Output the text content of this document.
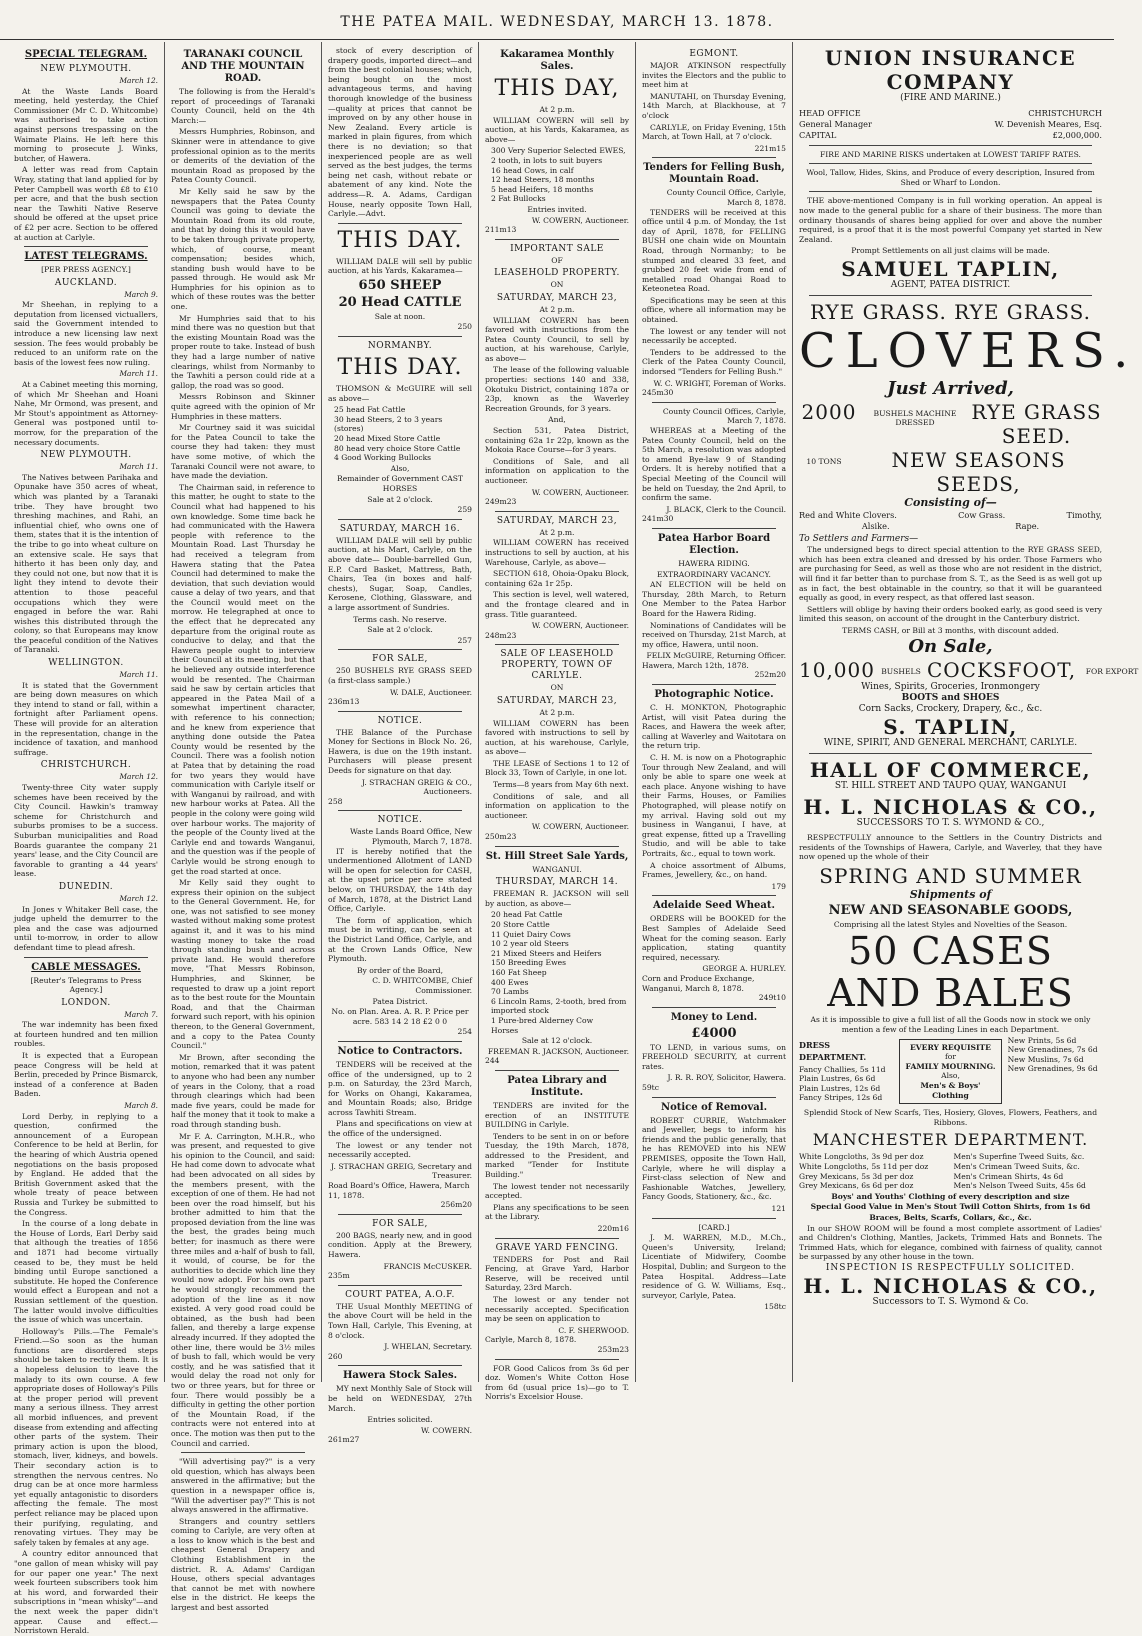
THE PATEA MAIL. WEDNESDAY, MARCH 13. 1878.
SPECIAL TELEGRAM.
NEW PLYMOUTH.
March 12.

At the Waste Lands Board meeting, held yesterday, the Chief Commissioner (Mr C. D. Whitcombe) was authorised to take action against persons trespassing on the Waimate Plains. He left here this morning to prosecute J. Winks, butcher, of Hawera.

A letter was read from Captain Wray, stating that land applied for by Peter Campbell was worth £8 to £10 per acre, and that the bush section near the Tawhiti Native Reserve should be offered at the upset price of £2 per acre. Section to be offered at auction at Carlyle.

LATEST TELEGRAMS.
[PER PRESS AGENCY.]
AUCKLAND.
March 9.

Mr Sheehan, in replying to a deputation from licensed victuallers, said the Government intended to introduce a new licensing law next session. The fees would probably be reduced to an uniform rate on the basis of the lowest fees now ruling.

March 11.

At a Cabinet meeting this morning, of which Mr Sheehan and Hoani Nahe, Mr Ormond, was present, and Mr Stout's appointment as Attorney-General was postponed until to-morrow, for the preparation of the necessary documents.

NEW PLYMOUTH.
March 11.

The Natives between Parihaka and Opunake have 350 acres of wheat, which was planted by a Taranaki tribe. They have brought two threshing machines, and Rahi, an influential chief, who owns one of them, states that it is the intention of the tribe to go into wheat culture on an extensive scale. He says that hitherto it has been only day, and they could not one, but now that it is light they intend to devote their attention to those peaceful occupations which they were engaged in before the war. Rahi wishes this distributed through the colony, so that Europeans may know the peaceful condition of the Natives of Taranaki.

WELLINGTON.
March 11.

It is stated that the Government are being down measures on which they intend to stand or fall, within a fortnight after Parliament opens. These will provide for an alteration in the representation, change in the incidence of taxation, and manhood suffrage.

CHRISTCHURCH.
March 12.

Twenty-three City water supply schemes have been received by the City Council. Hawkin's tramway scheme for Christchurch and suburbs promises to be a success. Suburban municipalities and Road Boards guarantee the company 21 years' lease, and the City Council are favorable to granting a 44 years' lease.

DUNEDIN.
March 12.

In Jones v Whitaker Bell case, the judge upheld the demurrer to the plea and the case was adjourned until to-morrow, in order to allow defendant time to plead afresh.

CABLE MESSAGES.
[Reuter's Telegrams to Press Agency.]
LONDON.
March 7.

The war indemnity has been fixed at fourteen hundred and ten million roubles.

It is expected that a European peace Congress will be held at Berlin, preceded by Prince Bismarck, instead of a conference at Baden Baden.

March 8.

Lord Derby, in replying to a question, confirmed the announcement of a European Conference to be held at Berlin, for the hearing of which Austria opened negotiations on the basis proposed by England. He added that the British Government asked that the whole treaty of peace between Russia and Turkey be submitted to the Congress.

In the course of a long debate in the House of Lords, Earl Derby said that although the treaties of 1856 and 1871 had become virtually ceased to be, they must be held binding until Europe sanctioned a substitute. He hoped the Conference would effect a European and not a Russian settlement of the question. The latter would involve difficulties the issue of which was uncertain.

Holloway's Pills.—The Female's Friend.—So soon as the human functions are disordered steps should be taken to rectify them. It is a hopeless delusion to leave the malady to its own course. A few appropriate doses of Holloway's Pills at the proper period will prevent many a serious illness. They arrest all morbid influences, and prevent disease from extending and affecting other parts of the system. Their primary action is upon the blood, stomach, liver, kidneys, and bowels. Their secondary action is to strengthen the nervous centres. No drug can be at once more harmless yet equally antagonistic to disorders affecting the female. The most perfect reliance may be placed upon their purifying, regulating, and renovating virtues. They may be safely taken by females at any age.

A country editor announced that "one gallon of mean whisky will pay for our paper one year." The next week fourteen subscribers took him at his word, and forwarded their subscriptions in "mean whisky"—and the next week the paper didn't appear. Cause and effect.—Norristown Herald.

TARANAKI COUNCIL AND THE MOUNTAIN ROAD.

The following is from the Herald's report of proceedings of Taranaki County Council, held on the 4th March:—

Messrs Humphries, Robinson, and Skinner were in attendance to give professional opinion as to the merits or demerits of the deviation of the mountain Road as proposed by the Patea County Council.

Mr Kelly said he saw by the newspapers that the Patea County Council was going to deviate the Mountain Road from its old route, and that by doing this it would have to be taken through private property, which, of course, meant compensation; besides which, standing bush would have to be passed through. He would ask Mr Humphries for his opinion as to which of these routes was the better one.

Mr Humphries said that to his mind there was no question but that the existing Mountain Road was the proper route to take. Instead of bush they had a large number of native clearings, whilst from Normanby to the Tawhiti a person could ride at a gallop, the road was so good.

Messrs Robinson and Skinner quite agreed with the opinion of Mr Humphries in these matters.

Mr Courtney said it was suicidal for the Patea Council to take the course they had taken: they must have some motive, of which the Taranaki Council were not aware, to have made the deviation.

The Chairman said, in reference to this matter, he ought to state to the Council what had happened to his own knowledge. Some time back he had communicated with the Hawera people with reference to the Mountain Road. Last Thursday he had received a telegram from Hawera stating that the Patea Council had determined to make the deviation, that such deviation would cause a delay of two years, and that the Council would meet on the morrow. He telegraphed at once to the effect that he deprecated any departure from the original route as conducive to delay, and that the Hawera people ought to interview their Council at its meeting, but that he believed any outside interference would be resented. The Chairman said he saw by certain articles that appeared in the Patea Mail of a somewhat impertinent character, with reference to his connection; and he knew from experience that anything done outside the Patea County would be resented by the Council. There was a foolish notion at Patea that by detaining the road for two years they would have communication with Carlyle itself or with Wanganui by railroad, and with new harbour works at Patea. All the people in the colony were going wild over harbour works. The majority of the people of the County lived at the Carlyle end and towards Wanganui, and the question was if the people of Carlyle would be strong enough to get the road started at once.

Mr Kelly said they ought to express their opinion on the subject to the General Government. He, for one, was not satisfied to see money wasted without making some protest against it, and it was to his mind wasting money to take the road through standing bush and across private land. He would therefore move, "That Messrs Robinson, Humphries, and Skinner, be requested to draw up a joint report as to the best route for the Mountain Road, and that the Chairman forward such report, with his opinion thereon, to the General Government, and a copy to the Patea County Council."

Mr Brown, after seconding the motion, remarked that it was patent to anyone who had been any number of years in the Colony, that a road through clearings which had been made five years, could be made for half the money that it took to make a road through standing bush.

Mr F. A. Carrington, M.H.R., who was present, and requested to give his opinion to the Council, and said: He had come down to advocate what had been advocated on all sides by the members present, with the exception of one of them. He had not been over the road himself, but his brother admitted to him that the proposed deviation from the line was the best, the grades being much better; for inasmuch as there were three miles and a-half of bush to fall, it would, of course, be for the authorities to decide which line they would now adopt. For his own part he would strongly recommend the adoption of the line as it now existed. A very good road could be obtained, as the bush had been fallen, and thereby a large expense already incurred. If they adopted the other line, there would be 3½ miles of bush to fall, which would be very costly, and he was satisfied that it would delay the road not only for two or three years, but for three or four. There would possibly be a difficulty in getting the other portion of the Mountain Road, if the contracts were not entered into at once. The motion was then put to the Council and carried.

"Will advertising pay?" is a very old question, which has always been answered in the affirmative; but the question in a newspaper office is, "Will the advertiser pay?" This is not always answered in the affirmative.

Strangers and country settlers coming to Carlyle, are very often at a loss to know which is the best and cheapest General Drapery and Clothing Establishment in the district. R. A. Adams' Cardigan House, others special advantages that cannot be met with nowhere else in the district. He keeps the largest and best assorted

stock of every description of drapery goods, imported direct—and from the best colonial houses; which, being bought on the most advantageous terms, and having thorough knowledge of the business—quality at prices that cannot be improved on by any other house in New Zealand. Every article is marked in plain figures, from which there is no deviation; so that inexperienced people are as well served as the best judges, the terms being net cash, without rebate or abatement of any kind. Note the address—R. A. Adams, Cardigan House, nearly opposite Town Hall, Carlyle.—Advt.

THIS DAY.

WILLIAM DALE will sell by public auction, at his Yards, Kakaramea—

650 SHEEP
20 Head CATTLE
Sale at noon.
250
NORMANBY.
THIS DAY.

THOMSON & McGUIRE will sell as above—

25 head Fat Cattle
30 head Steers, 2 to 3 years (stores)
20 head Mixed Store Cattle
80 head very choice Store Cattle
4 Good Working Bullocks
Also,
Remainder of Government CAST HORSES
Sale at 2 o'clock.
259
SATURDAY, MARCH 16.

WILLIAM DALE will sell by public auction, at his Mart, Carlyle, on the above date— Double-barrelled Gun, E.P. Card Basket, Mattress, Bath, Chairs, Tea (in boxes and half-chests), Sugar, Soap, Candles, Kerosene, Clothing, Glassware, and a large assortment of Sundries.

Terms cash. No reserve.
Sale at 2 o'clock.
257
FOR SALE,

250 BUSHELS RYE GRASS SEED (a first-class sample.)

W. DALE, Auctioneer.
236m13
NOTICE.

THE Balance of the Purchase Money for Sections in Block No. 26, Hawera, is due on the 19th instant. Purchasers will please present Deeds for signature on that day.

J. STRACHAN GREIG & CO., Auctioneers.
258
NOTICE.
Waste Lands Board Office, New Plymouth, March 7, 1878.

IT is hereby notified that the undermentioned Allotment of LAND will be open for selection for CASH, at the upset price per acre stated below, on THURSDAY, the 14th day of March, 1878, at the District Land Office, Carlyle.

The form of application, which must be in writing, can be seen at the District Land Office, Carlyle, and at the Crown Lands Office, New Plymouth.

By order of the Board,
C. D. WHITCOMBE, Chief Commissioner.
Patea District.
No. on Plan. Area. A. R. P. Price per acre. 583 14 2 18 £2 0 0
254
Notice to Contractors.

TENDERS will be received at the office of the undersigned, up to 2 p.m. on Saturday, the 23rd March, for Works on Ohangi, Kakaramea, and Mountain Roads; also, Bridge across Tawhiti Stream.

Plans and specifications on view at the office of the undersigned.

The lowest or any tender not necessarily accepted.

J. STRACHAN GREIG, Secretary and Treasurer.
Road Board's Office, Hawera, March 11, 1878.
256m20
FOR SALE,

200 BAGS, nearly new, and in good condition. Apply at the Brewery, Hawera.

FRANCIS McCUSKER.
235m
COURT PATEA, A.O.F.

THE Usual Monthly MEETING of the above Court will be held in the Town Hall, Carlyle, This Evening, at 8 o'clock.

J. WHELAN, Secretary.
260
Hawera Stock Sales.

MY next Monthly Sale of Stock will be held on WEDNESDAY, 27th March.

Entries solicited.
W. COWERN.
261m27
Kakaramea Monthly Sales.
THIS DAY,
At 2 p.m.

WILLIAM COWERN will sell by auction, at his Yards, Kakaramea, as above—

300 Very Superior Selected EWES, 2 tooth, in lots to suit buyers
16 head Cows, in calf
12 head Steers, 18 months
5 head Heifers, 18 months
2 Fat Bullocks
Entries invited.
W. COWERN, Auctioneer.
211m13
IMPORTANT SALE
OF
LEASEHOLD PROPERTY.
ON
SATURDAY, MARCH 23,
At 2 p.m.

WILLIAM COWERN has been favored with instructions from the Patea County Council, to sell by auction, at his warehouse, Carlyle, as above—

The lease of the following valuable properties: sections 140 and 338, Okotuku District, containing 187a or 23p, known as the Waverley Recreation Grounds, for 3 years.

And,

Section 531, Patea District, containing 62a 1r 22p, known as the Mokoia Race Course—for 3 years.

Conditions of Sale, and all information on application to the auctioneer.

W. COWERN, Auctioneer.
249m23
SATURDAY, MARCH 23,
At 2 p.m.

WILLIAM COWERN has received instructions to sell by auction, at his Warehouse, Carlyle, as above—

SECTION 618, Ohoia-Opaku Block, containing 62a 1r 25p.

This section is level, well watered, and the frontage cleared and in grass. Title guaranteed.

W. COWERN, Auctioneer.
248m23
SALE OF LEASEHOLD PROPERTY, TOWN OF CARLYLE.
ON
SATURDAY, MARCH 23,
At 2 p.m.

WILLIAM COWERN has been favored with instructions to sell by auction, at his warehouse, Carlyle, as above—

THE LEASE of Sections 1 to 12 of Block 33, Town of Carlyle, in one lot.

Terms—8 years from May 6th next.

Conditions of sale, and all information on application to the auctioneer.

W. COWERN, Auctioneer.
250m23
St. Hill Street Sale Yards,
WANGANUI.
THURSDAY, MARCH 14.

FREEMAN R. JACKSON will sell by auction, as above—

20 head Fat Cattle
20 Store Cattle
11 Quiet Dairy Cows
10 2 year old Steers
21 Mixed Steers and Heifers
150 Breeding Ewes
160 Fat Sheep
400 Ewes
70 Lambs
6 Lincoln Rams, 2-tooth, bred from imported stock
1 Pure-bred Alderney Cow
Horses
Sale at 12 o'clock.
FREEMAN R. JACKSON, Auctioneer.
244
Patea Library and Institute.

TENDERS are invited for the erection of an INSTITUTE BUILDING in Carlyle.

Tenders to be sent in on or before Tuesday, the 19th March, 1878, addressed to the President, and marked "Tender for Institute Building."

The lowest tender not necessarily accepted.

Plans any specifications to be seen at the Library.

220m16
GRAVE YARD FENCING.

TENDERS for Post and Rail Fencing, at Grave Yard, Harbor Reserve, will be received until Saturday, 23rd March.

The lowest or any tender not necessarily accepted. Specification may be seen on application to

C. F. SHERWOOD.
Carlyle, March 8, 1878.
253m23

FOR Good Calicos from 3s 6d per doz. Women's White Cotton Hose from 6d (usual price 1s)—go to T. Norris's Excelsior House.

EGMONT.

MAJOR ATKINSON respectfully invites the Electors and the public to meet him at

MANUTAHI, on Thursday Evening, 14th March, at Blackhouse, at 7 o'clock

CARLYLE, on Friday Evening, 15th March, at Town Hall, at 7 o'clock.

221m15
Tenders for Felling Bush, Mountain Road.
County Council Office, Carlyle, March 8, 1878.

TENDERS will be received at this office until 4 p.m. of Monday, the 1st day of April, 1878, for FELLING BUSH one chain wide on Mountain Road, through Normanby; to be stumped and cleared 33 feet, and grubbed 20 feet wide from end of metalled road Ohangai Road to Keteonetea Road.

Specifications may be seen at this office, where all information may be obtained.

The lowest or any tender will not necessarily be accepted.

Tenders to be addressed to the Clerk of the Patea County Council, indorsed "Tenders for Felling Bush."

W. C. WRIGHT, Foreman of Works.
245m30
County Council Offices, Carlyle, March 7, 1878.

WHEREAS at a Meeting of the Patea County Council, held on the 5th March, a resolution was adopted to amend Bye-law 9 of Standing Orders. It is hereby notified that a Special Meeting of the Council will be held on Tuesday, the 2nd April, to confirm the same.

J. BLACK, Clerk to the Council.
241m30
Patea Harbor Board Election.
HAWERA RIDING.
EXTRAORDINARY VACANCY.

AN ELECTION will be held on Thursday, 28th March, to Return One Member to the Patea Harbor Board for the Hawera Riding.

Nominations of Candidates will be received on Thursday, 21st March, at my office, Hawera, until noon.

FELIX McGUIRE, Returning Officer.
Hawera, March 12th, 1878.
252m20
Photographic Notice.

C. H. MONKTON, Photographic Artist, will visit Patea during the Races, and Hawera the week after, calling at Waverley and Waitotara on the return trip.

C. H. M. is now on a Photographic Tour through New Zealand, and will only be able to spare one week at each place. Anyone wishing to have their Farms, Houses, or Families Photographed, will please notify on my arrival. Having sold out my business in Wanganui, I have, at great expense, fitted up a Travelling Studio, and will be able to take Portraits, &c., equal to town work.

A choice assortment of Albums, Frames, Jewellery, &c., on hand.

179
Adelaide Seed Wheat.

ORDERS will be BOOKED for the Best Samples of Adelaide Seed Wheat for the coming season. Early application, stating quantity required, necessary.

GEORGE A. HURLEY.
Corn and Produce Exchange, Wanganui, March 8, 1878.
249t10
Money to Lend.
£4000

TO LEND, in various sums, on FREEHOLD SECURITY, at current rates.

J. R. R. ROY, Solicitor, Hawera.
59tc
Notice of Removal.

ROBERT CURRIE, Watchmaker and Jeweller, begs to inform his friends and the public generally, that he has REMOVED into his NEW PREMISES, opposite the Town Hall, Carlyle, where he will display a First-class selection of New and Fashionable Watches, Jewellery, Fancy Goods, Stationery, &c., &c.

121
[CARD.]

J. M. WARREN, M.D., M.Ch., Queen's University, Ireland; Licentiate of Midwifery, Coombe Hospital, Dublin; and Surgeon to the Patea Hospital. Address—Late residence of G. W. Williams, Esq., surveyor, Carlyle, Patea.

158tc
UNION INSURANCE COMPANY
(FIRE AND MARINE.)
HEAD OFFICE	CHRISTCHURCH
General Manager	W. Devenish Meares, Esq.
CAPITAL	£2,000,000.
FIRE AND MARINE RISKS undertaken at LOWEST TARIFF RATES.
Wool, Tallow, Hides, Skins, and Produce of every description, Insured from Shed or Wharf to London.

THE above-mentioned Company is in full working operation. An appeal is now made to the general public for a share of their business. The more than ordinary thousands of shares being applied for over and above the number required, is a proof that it is the most powerful Company yet started in New Zealand.

Prompt Settlements on all just claims will be made.
SAMUEL TAPLIN,
AGENT, PATEA DISTRICT.
RYE GRASS. RYE GRASS.
CLOVERS.
Just Arrived,
2000	BUSHELS MACHINE DRESSED	RYE GRASS SEED.
10 TONS	NEW SEASONS SEEDS,
Consisting of—
Red and White Clovers.	Cow Grass.	Timothy,
Alsike.	Rape.
To Settlers and Farmers—

The undersigned begs to direct special attention to the RYE GRASS SEED, which has been extra cleaned and dressed by his order. Those Farmers who are purchasing for Seed, as well as those who are not resident in the district, will find it far better than to purchase from S. T., as the Seed is as well got up as in fact, the best obtainable in the country, so that it will be guaranteed equally as good, in every respect, as that offered last season.

Settlers will oblige by having their orders booked early, as good seed is very limited this season, on account of the drought in the Canterbury district.

TERMS CASH, or Bill at 3 months, with discount added.
On Sale,
10,000 BUSHELS COCKSFOOT,	FOR EXPORT
Wines, Spirits, Groceries, Ironmongery
BOOTS and SHOES
Corn Sacks, Crockery, Drapery, &c., &c.
S. TAPLIN,
WINE, SPIRIT, AND GENERAL MERCHANT, CARLYLE.
HALL OF COMMERCE,
ST. HILL STREET AND TAUPO QUAY, WANGANUI
H. L. NICHOLAS & CO.,
SUCCESSORS TO T. S. WYMOND & CO.,

RESPECTFULLY announce to the Settlers in the Country Districts and residents of the Townships of Hawera, Carlyle, and Waverley, that they have now opened up the whole of their

SPRING AND SUMMER
Shipments of
NEW AND SEASONABLE GOODS,
Comprising all the latest Styles and Novelties of the Season.
50 CASES AND BALES
As it is impossible to give a full list of all the Goods now in stock we only mention a few of the Leading Lines in each Department.
DRESS DEPARTMENT.
Fancy Challies, 5s 11d
Plain Lustres, 6s 6d
Plain Lustres, 12s 6d
Fancy Stripes, 12s 6d
EVERY REQUISITE
for
FAMILY MOURNING.
Also,
Men's & Boys' Clothing
New Prints, 5s 6d
New Grenadines, 7s 6d
New Muslins, 7s 6d
New Grenadines, 9s 6d
Splendid Stock of New Scarfs, Ties, Hosiery, Gloves, Flowers, Feathers, and Ribbons.
MANCHESTER DEPARTMENT.
White Longcloths, 3s 9d per doz
White Longcloths, 5s 11d per doz
Grey Mexicans, 5s 3d per doz
Grey Mexicans, 6s 6d per doz
Men's Superfine Tweed Suits, &c.
Men's Crimean Tweed Suits, &c.
Men's Crimean Shirts, 4s 6d
Men's Nelson Tweed Suits, 45s 6d
Boys' and Youths' Clothing of every description and size
Special Good Value in Men's Stout Twill Cotton Shirts, from 1s 6d
Braces, Belts, Scarfs, Collars, &c., &c.

In our SHOW ROOM will be found a most complete assortment of Ladies' and Children's Clothing, Mantles, Jackets, Trimmed Hats and Bonnets. The Trimmed Hats, which for elegance, combined with fairness of quality, cannot be surpassed by any other house in the town.

INSPECTION IS RESPECTFULLY SOLICITED.
H. L. NICHOLAS & CO.,
Successors to T. S. Wymond & Co.
